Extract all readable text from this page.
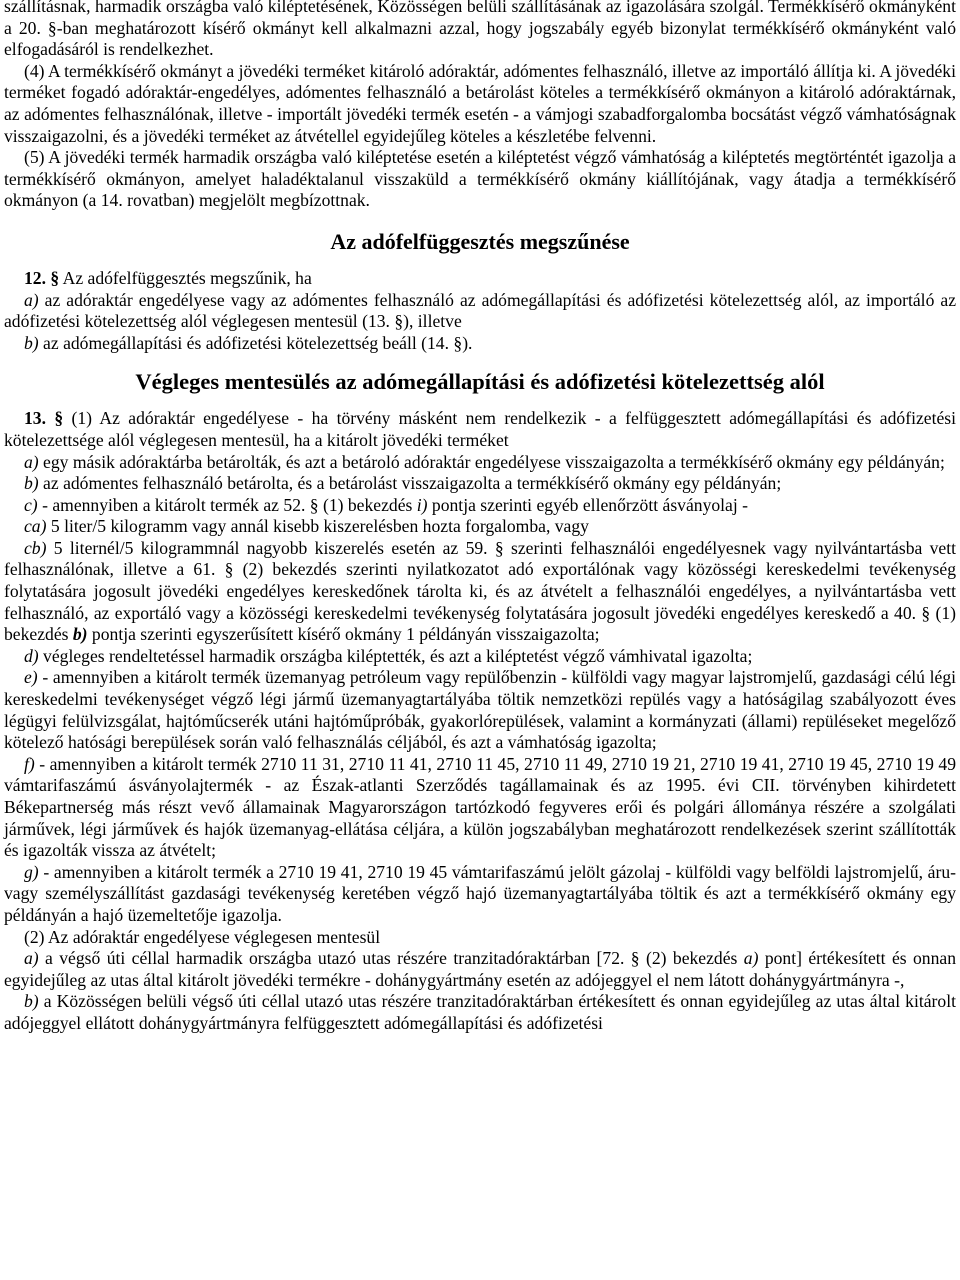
szállításnak, harmadik országba való kiléptetésének, Közösségen belüli szállításának az igazolására szolgál. Termékkísérő okmányként a 20. §-ban meghatározott kísérő okmányt kell alkalmazni azzal, hogy jogszabály egyéb bizonylat termékkísérő okmányként való elfogadásáról is rendelkezhet.

(4) A termékkísérő okmányt a jövedéki terméket kitároló adóraktár, adómentes felhasználó, illetve az importáló állítja ki. A jövedéki terméket fogadó adóraktár-engedélyes, adómentes felhasználó a betárolást köteles a termékkísérő okmányon a kitároló adóraktárnak, az adómentes felhasználónak, illetve - importált jövedéki termék esetén - a vámjogi szabadforgalomba bocsátást végző vámhatóságnak visszaigazolni, és a jövedéki terméket az átvétellel egyidejűleg köteles a készletébe felvenni.

(5) A jövedéki termék harmadik országba való kiléptetése esetén a kiléptetést végző vámhatóság a kiléptetés megtörténtét igazolja a termékkísérő okmányon, amelyet haladéktalanul visszaküld a termékkísérő okmány kiállítójának, vagy átadja a termékkísérő okmányon (a 14. rovatban) megjelölt megbízottnak.

Az adófelfüggesztés megszűnése

12. § Az adófelfüggesztés megszűnik, ha

a) az adóraktár engedélyese vagy az adómentes felhasználó az adómegállapítási és adófizetési kötelezettség alól, az importáló az adófizetési kötelezettség alól véglegesen mentesül (13. §), illetve

b) az adómegállapítási és adófizetési kötelezettség beáll (14. §).

Végleges mentesülés az adómegállapítási és adófizetési kötelezettség alól

13. § (1) Az adóraktár engedélyese - ha törvény másként nem rendelkezik - a felfüggesztett adómegállapítási és adófizetési kötelezettsége alól véglegesen mentesül, ha a kitárolt jövedéki terméket

a) egy másik adóraktárba betárolták, és azt a betároló adóraktár engedélyese visszaigazolta a termékkísérő okmány egy példányán;

b) az adómentes felhasználó betárolta, és a betárolást visszaigazolta a termékkísérő okmány egy példányán;

c) - amennyiben a kitárolt termék az 52. § (1) bekezdés i) pontja szerinti egyéb ellenőrzött ásványolaj -

ca) 5 liter/5 kilogramm vagy annál kisebb kiszerelésben hozta forgalomba, vagy

cb) 5 liternél/5 kilogrammnál nagyobb kiszerelés esetén az 59. § szerinti felhasználói engedélyesnek vagy nyilvántartásba vett felhasználónak, illetve a 61. § (2) bekezdés szerinti nyilatkozatot adó exportálónak vagy közösségi kereskedelmi tevékenység folytatására jogosult jövedéki engedélyes kereskedőnek tárolta ki, és az átvételt a felhasználói engedélyes, a nyilvántartásba vett felhasználó, az exportáló vagy a közösségi kereskedelmi tevékenység folytatására jogosult jövedéki engedélyes kereskedő a 40. § (1) bekezdés b) pontja szerinti egyszerűsített kísérő okmány 1 példányán visszaigazolta;

d) végleges rendeltetéssel harmadik országba kiléptették, és azt a kiléptetést végző vámhivatal igazolta;

e) - amennyiben a kitárolt termék üzemanyag petróleum vagy repülőbenzin - külföldi vagy magyar lajstromjelű, gazdasági célú légi kereskedelmi tevékenységet végző légi jármű üzemanyagtartályába töltik nemzetközi repülés vagy a hatóságilag szabályozott éves légügyi felülvizsgálat, hajtóműcserék utáni hajtóműpróbák, gyakorlórepülések, valamint a kormányzati (állami) repüléseket megelőző kötelező hatósági berepülések során való felhasználás céljából, és azt a vámhatóság igazolta;

f) - amennyiben a kitárolt termék 2710 11 31, 2710 11 41, 2710 11 45, 2710 11 49, 2710 19 21, 2710 19 41, 2710 19 45, 2710 19 49 vámtarifaszámú ásványolajtermék - az Észak-atlanti Szerződés tagállamainak és az 1995. évi CII. törvényben kihirdetett Békepartnerség más részt vevő államainak Magyarországon tartózkodó fegyveres erői és polgári állománya részére a szolgálati járművek, légi járművek és hajók üzemanyag-ellátása céljára, a külön jogszabályban meghatározott rendelkezések szerint szállították és igazolták vissza az átvételt;

g) - amennyiben a kitárolt termék a 2710 19 41, 2710 19 45 vámtarifaszámú jelölt gázolaj - külföldi vagy belföldi lajstromjelű, áru- vagy személyszállítást gazdasági tevékenység keretében végző hajó üzemanyagtartályába töltik és azt a termékkísérő okmány egy példányán a hajó üzemeltetője igazolja.

(2) Az adóraktár engedélyese véglegesen mentesül

a) a végső úti céllal harmadik országba utazó utas részére tranzitadóraktárban [72. § (2) bekezdés a) pont] értékesített és onnan egyidejűleg az utas által kitárolt jövedéki termékre - dohánygyártmány esetén az adójeggyel el nem látott dohánygyártmányra -,

b) a Közösségen belüli végső úti céllal utazó utas részére tranzitadóraktárban értékesített és onnan egyidejűleg az utas által kitárolt adójeggyel ellátott dohánygyártmányra felfüggesztett adómegállapítási és adófizetési
